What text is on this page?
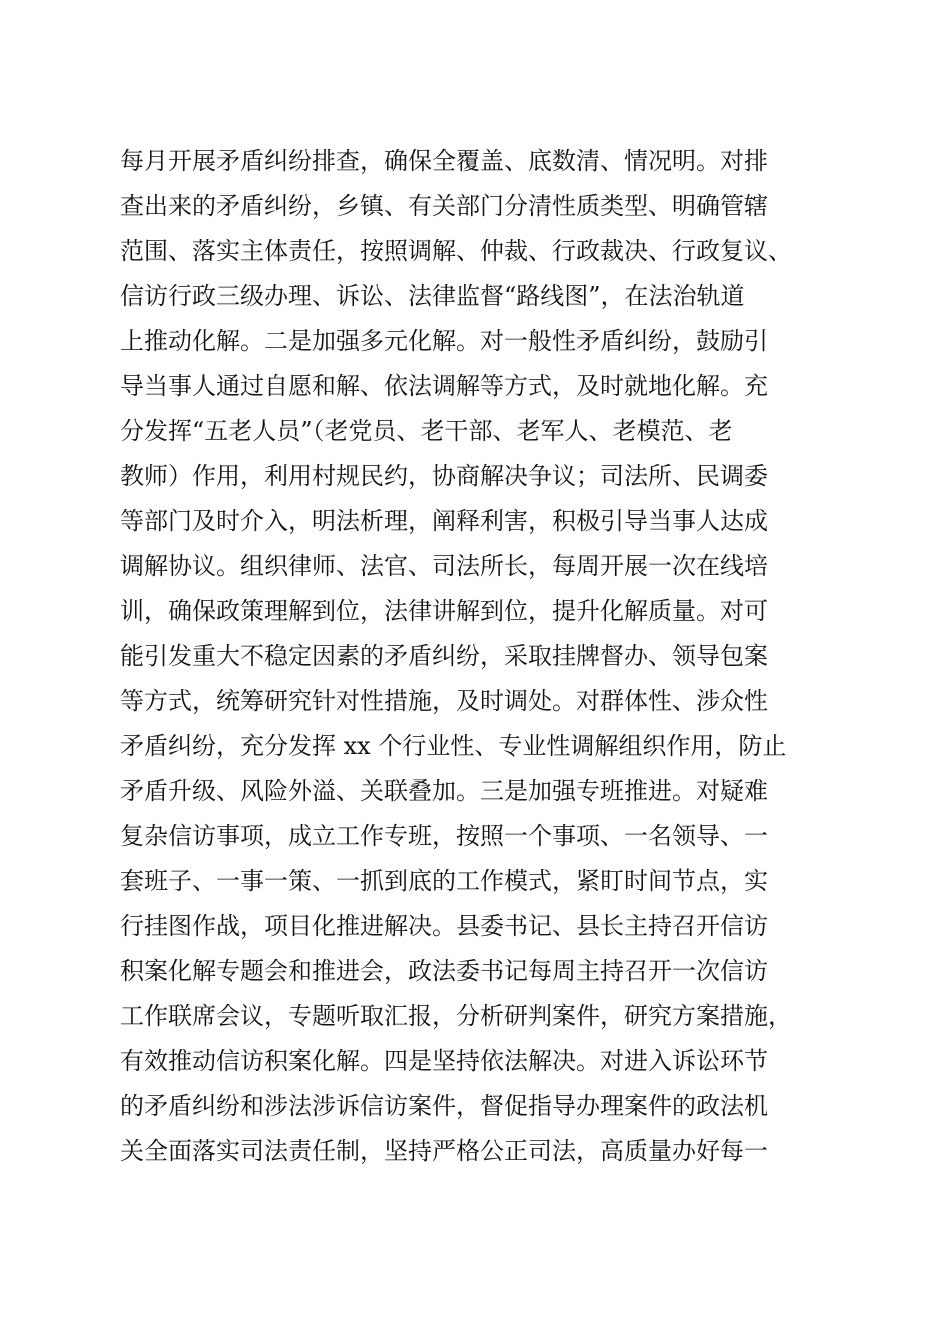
每月开展矛盾纠纷排查，确保全覆盖、底数清、情况明。对排
查出来的矛盾纠纷，乡镇、有关部门分清性质类型、明确管辖
范围、落实主体责任，按照调解、仲裁、行政裁决、行政复议、
信访行政三级办理、诉讼、法律监督“路线图”，在法治轨道
上推动化解。二是加强多元化解。对一般性矛盾纠纷，鼓励引
导当事人通过自愿和解、依法调解等方式，及时就地化解。充
分发挥“五老人员”（老党员、老干部、老军人、老模范、老
教师）作用，利用村规民约，协商解决争议；司法所、民调委
等部门及时介入，明法析理，阐释利害，积极引导当事人达成
调解协议。组织律师、法官、司法所长，每周开展一次在线培
训，确保政策理解到位，法律讲解到位，提升化解质量。对可
能引发重大不稳定因素的矛盾纠纷，采取挂牌督办、领导包案
等方式，统筹研究针对性措施，及时调处。对群体性、涉众性
矛盾纠纷，充分发挥 xx 个行业性、专业性调解组织作用，防止
矛盾升级、风险外溢、关联叠加。三是加强专班推进。对疑难
复杂信访事项，成立工作专班，按照一个事项、一名领导、一
套班子、一事一策、一抓到底的工作模式，紧盯时间节点，实
行挂图作战，项目化推进解决。县委书记、县长主持召开信访
积案化解专题会和推进会，政法委书记每周主持召开一次信访
工作联席会议，专题听取汇报，分析研判案件，研究方案措施，
有效推动信访积案化解。四是坚持依法解决。对进入诉讼环节
的矛盾纠纷和涉法涉诉信访案件，督促指导办理案件的政法机
关全面落实司法责任制，坚持严格公正司法，高质量办好每一
